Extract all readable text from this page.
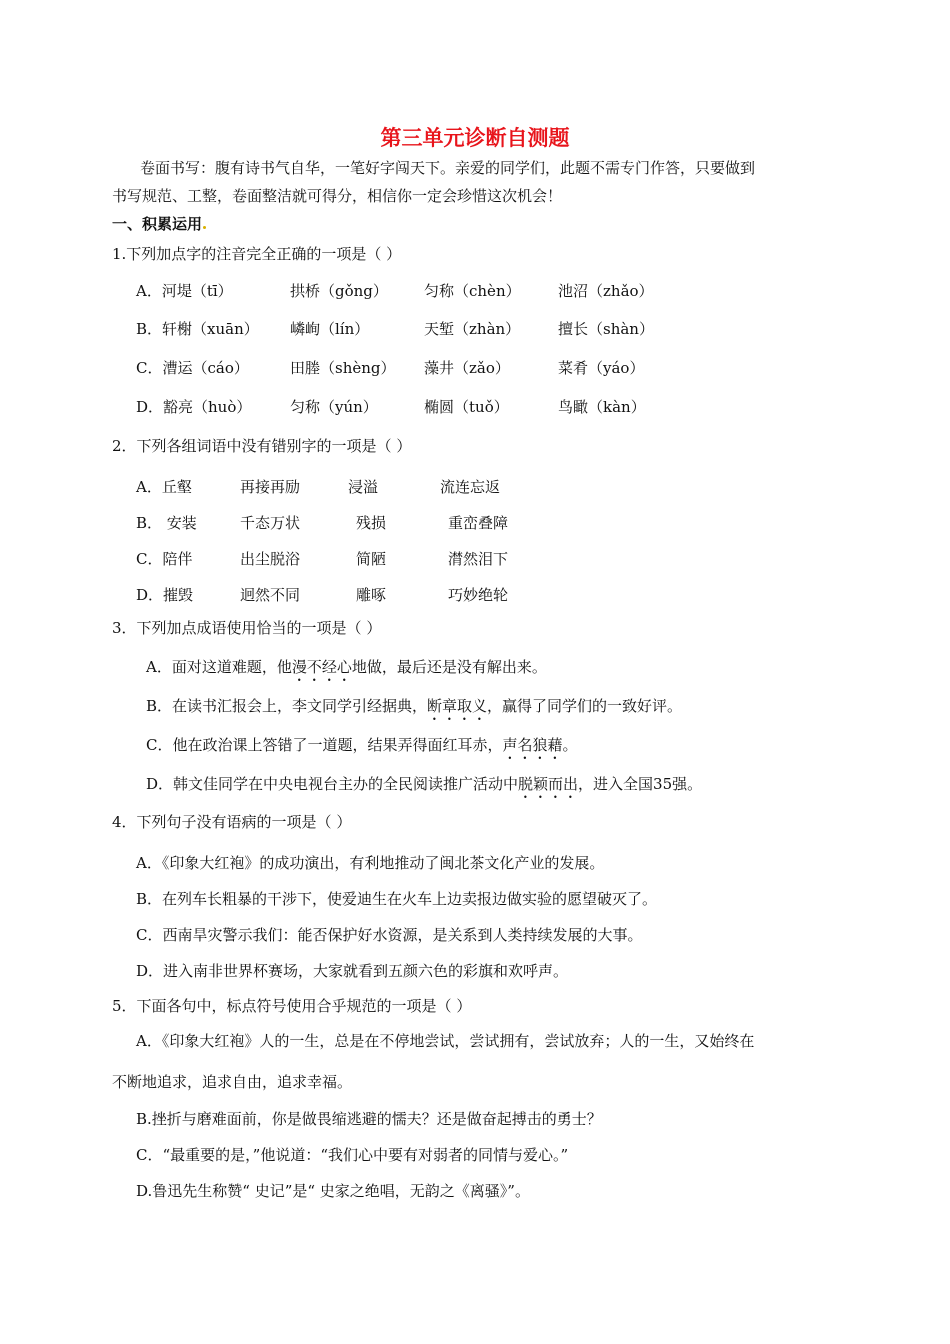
第三单元诊断自测题
卷面书写：腹有诗书气自华，一笔好字闯天下。亲爱的同学们，此题不需专门作答，只要做到
书写规范、工整，卷面整洁就可得分，相信你一定会珍惜这次机会！
一、积累运用
1.下列加点字的注音完全正确的一项是（ ）
A．河堤（tī）	拱桥（gǒng） 匀称（chèn） 池沼（zhǎo）
B．轩榭（xuān） 嶙峋（lín）	天堑（zhàn）	擅长（shàn）
C．漕运（cáo）	田塍（shèng） 藻井（zǎo）	菜肴（yáo）
D．豁亮（huò）	匀称（yún）	椭圆（tuǒ）	鸟瞰（kàn）
2．下列各组词语中没有错别字的一项是（ ）
A．丘壑	再接再励	浸溢	流连忘返
B． 安装	千态万状	残损	重峦叠障
C．陪伴	出尘脱浴	简陋	潸然泪下
D．摧毁	迥然不同	雕啄	巧妙绝轮
3．下列加点成语使用恰当的一项是（ ）
A．面对这道难题，他漫不经心地做，最后还是没有解出来。
B．在读书汇报会上，李文同学引经据典，断章取义，赢得了同学们的一致好评。
C．他在政治课上答错了一道题，结果弄得面红耳赤，声名狼藉。
D．韩文佳同学在中央电视台主办的全民阅读推广活动中脱颖而出，进入全国35强。
4．下列句子没有语病的一项是（ ）
A．《印象大红袍》的成功演出，有利地推动了闽北茶文化产业的发展。
B．在列车长粗暴的干涉下，使爱迪生在火车上边卖报边做实验的愿望破灭了。
C．西南旱灾警示我们：能否保护好水资源，是关系到人类持续发展的大事。
D．进入南非世界杯赛场，大家就看到五颜六色的彩旗和欢呼声。
5．下面各句中，标点符号使用合乎规范的一项是（ ）
A．《印象大红袍》人的一生，总是在不停地尝试，尝试拥有，尝试放弃；人的一生，又始终在
不断地追求，追求自由，追求幸福。
B.挫折与磨难面前，你是做畏缩逃避的懦夫？还是做奋起搏击的勇士？
C．“最重要的是，”他说道：“我们心中要有对弱者的同情与爱心。”
D.鲁迅先生称赞“ 史记”是“ 史家之绝唱，无韵之《离骚》”。
